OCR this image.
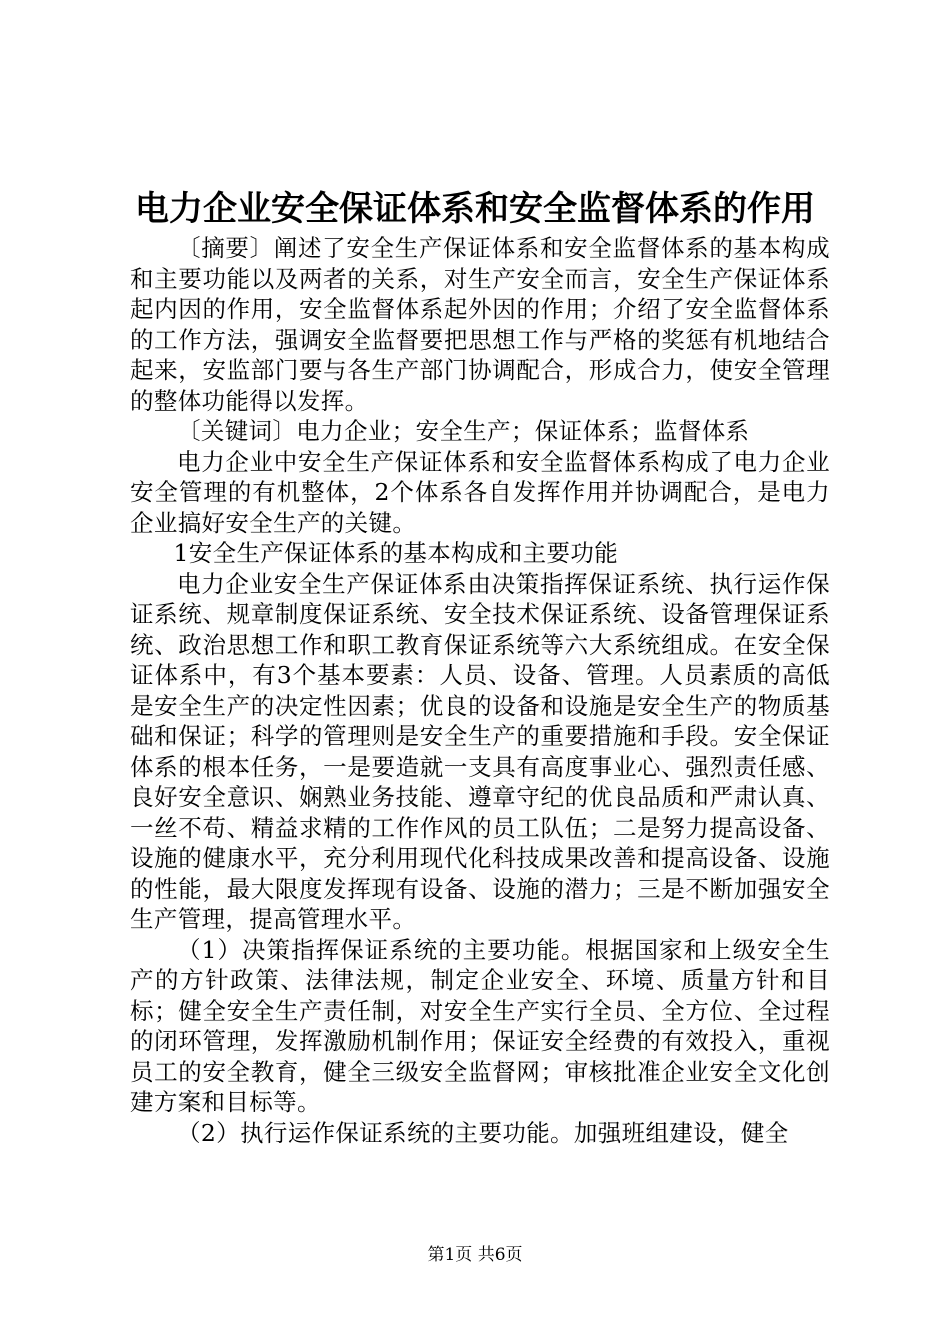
电力企业安全保证体系和安全监督体系的作用

〔摘要〕阐述了安全生产保证体系和安全监督体系的基本构成和主要功能以及两者的关系，对生产安全而言，安全生产保证体系起内因的作用，安全监督体系起外因的作用；介绍了安全监督体系的工作方法，强调安全监督要把思想工作与严格的奖惩有机地结合起来，安监部门要与各生产部门协调配合，形成合力，使安全管理的整体功能得以发挥。

〔关键词〕电力企业；安全生产；保证体系；监督体系

电力企业中安全生产保证体系和安全监督体系构成了电力企业安全管理的有机整体，2个体系各自发挥作用并协调配合，是电力企业搞好安全生产的关键。

1安全生产保证体系的基本构成和主要功能

电力企业安全生产保证体系由决策指挥保证系统、执行运作保证系统、规章制度保证系统、安全技术保证系统、设备管理保证系统、政治思想工作和职工教育保证系统等六大系统组成。在安全保证体系中，有3个基本要素：人员、设备、管理。人员素质的高低是安全生产的决定性因素；优良的设备和设施是安全生产的物质基础和保证；科学的管理则是安全生产的重要措施和手段。安全保证体系的根本任务，一是要造就一支具有高度事业心、强烈责任感、良好安全意识、娴熟业务技能、遵章守纪的优良品质和严肃认真、一丝不苟、精益求精的工作作风的员工队伍；二是努力提高设备、设施的健康水平，充分利用现代化科技成果改善和提高设备、设施的性能，最大限度发挥现有设备、设施的潜力；三是不断加强安全生产管理，提高管理水平。

（1）决策指挥保证系统的主要功能。根据国家和上级安全生产的方针政策、法律法规，制定企业安全、环境、质量方针和目标；健全安全生产责任制，对安全生产实行全员、全方位、全过程的闭环管理，发挥激励机制作用；保证安全经费的有效投入，重视员工的安全教育，健全三级安全监督网；审核批准企业安全文化创建方案和目标等。

（2）执行运作保证系统的主要功能。加强班组建设，健全

第1页 共6页
